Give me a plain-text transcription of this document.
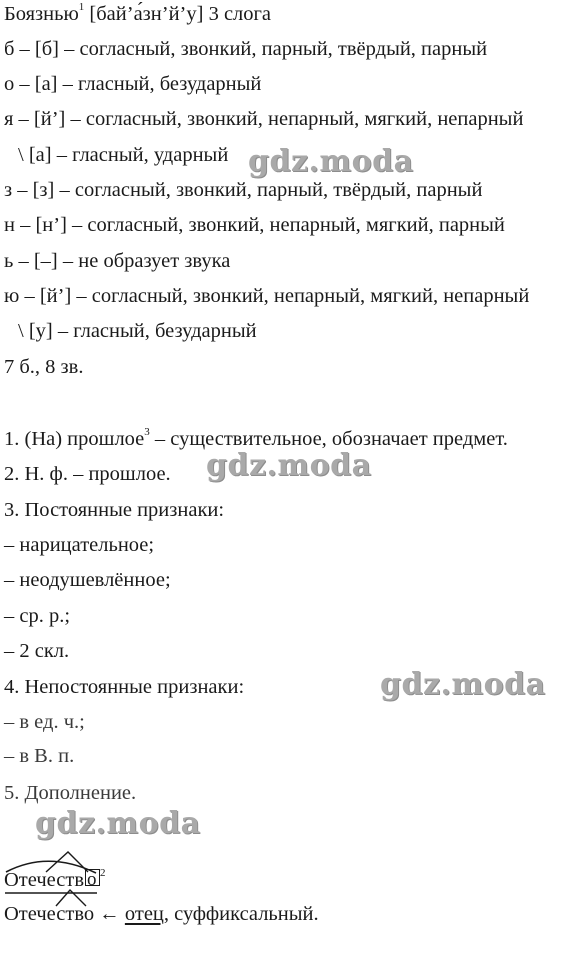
Боязнью$^1$ [бай’а́зн’й’у] 3 слога
б – [б] – согласный, звонкий, парный, твёрдый, парный
о – [а] – гласный, безударный
я – [й’] – согласный, звонкий, непарный, мягкий, непарный
\ [а] – гласный, ударный
з – [з] – согласный, звонкий, парный, твёрдый, парный
н – [н’] – согласный, звонкий, непарный, мягкий, парный
ь – [–] – не образует звука
ю – [й’] – согласный, звонкий, непарный, мягкий, непарный
\ [у] – гласный, безударный
7 б., 8 зв.
1. (На) прошлое$^3$ – существительное, обозначает предмет.
2. Н. ф. – прошлое.
3. Постоянные признаки:
– нарицательное;
– неодушевлённое;
– ср. р.;
– 2 скл.
4. Непостоянные признаки:
– в ед. ч.;
– в В. п.
5. Дополнение.
Отечеств о $^2$
Отечество ← отец, суффиксальный.
gdz.moda
gdz.moda
gdz.moda
gdz.moda
